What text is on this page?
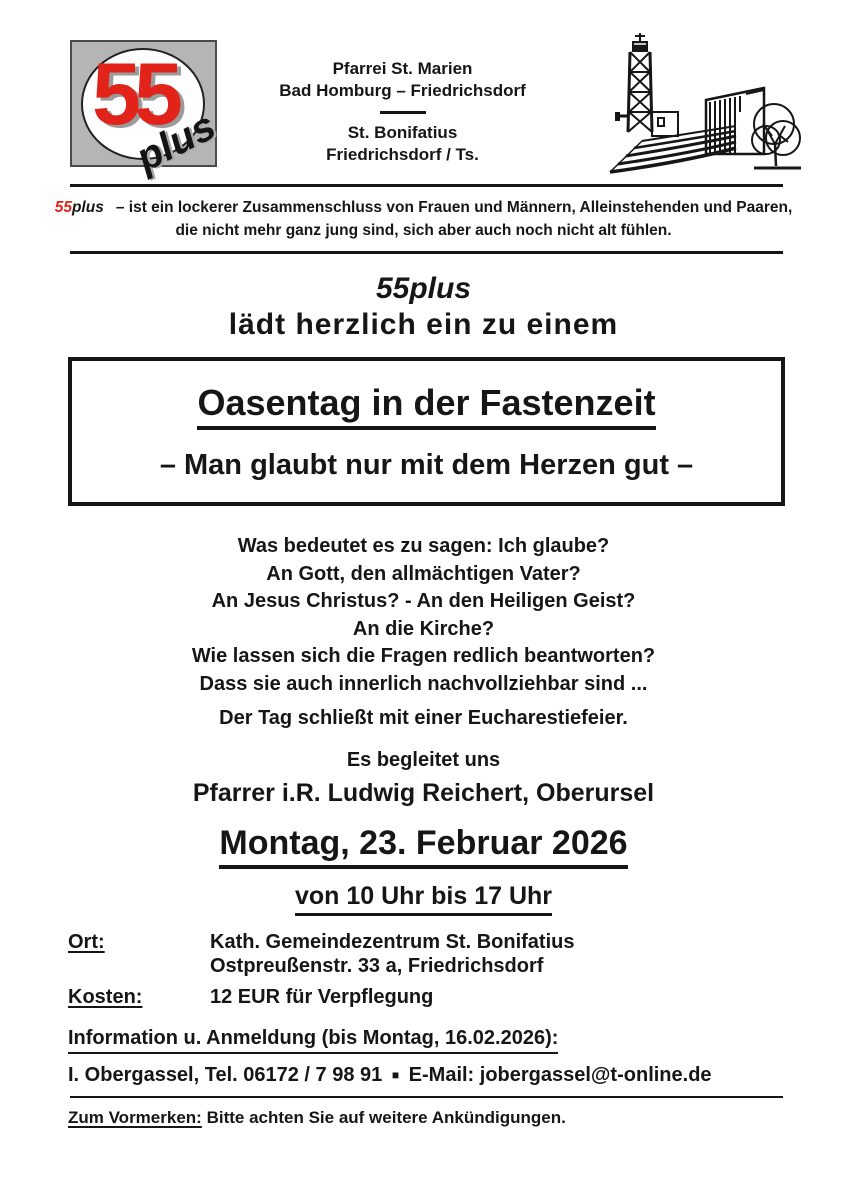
55
plus
Pfarrei St. Marien
Bad Homburg – Friedrichsdorf
St. Bonifatius
Friedrichsdorf / Ts.
55plus – ist ein lockerer Zusammenschluss von Frauen und Männern, Alleinstehenden und Paaren,
die nicht mehr ganz jung sind, sich aber auch noch nicht alt fühlen.
55plus
lädt herzlich ein zu einem
Oasentag in der Fastenzeit
– Man glaubt nur mit dem Herzen gut –
Was bedeutet es zu sagen: Ich glaube?
An Gott, den allmächtigen Vater?
An Jesus Christus? - An den Heiligen Geist?
An die Kirche?
Wie lassen sich die Fragen redlich beantworten?
Dass sie auch innerlich nachvollziehbar sind ...
Der Tag schließt mit einer Eucharestiefeier.
Es begleitet uns
Pfarrer i.R. Ludwig Reichert, Oberursel
Montag, 23. Februar 2026
von 10 Uhr bis 17 Uhr
Ort:	Kath. Gemeindezentrum St. Bonifatius
Ostpreußenstr. 33 a, Friedrichsdorf
Kosten:	12 EUR für Verpflegung
Information u. Anmeldung (bis Montag, 16.02.2026):
I. Obergassel, Tel. 06172 / 7 98 91 ■ E-Mail: jobergassel@t-online.de
Zum Vormerken: Bitte achten Sie auf weitere Ankündigungen.
